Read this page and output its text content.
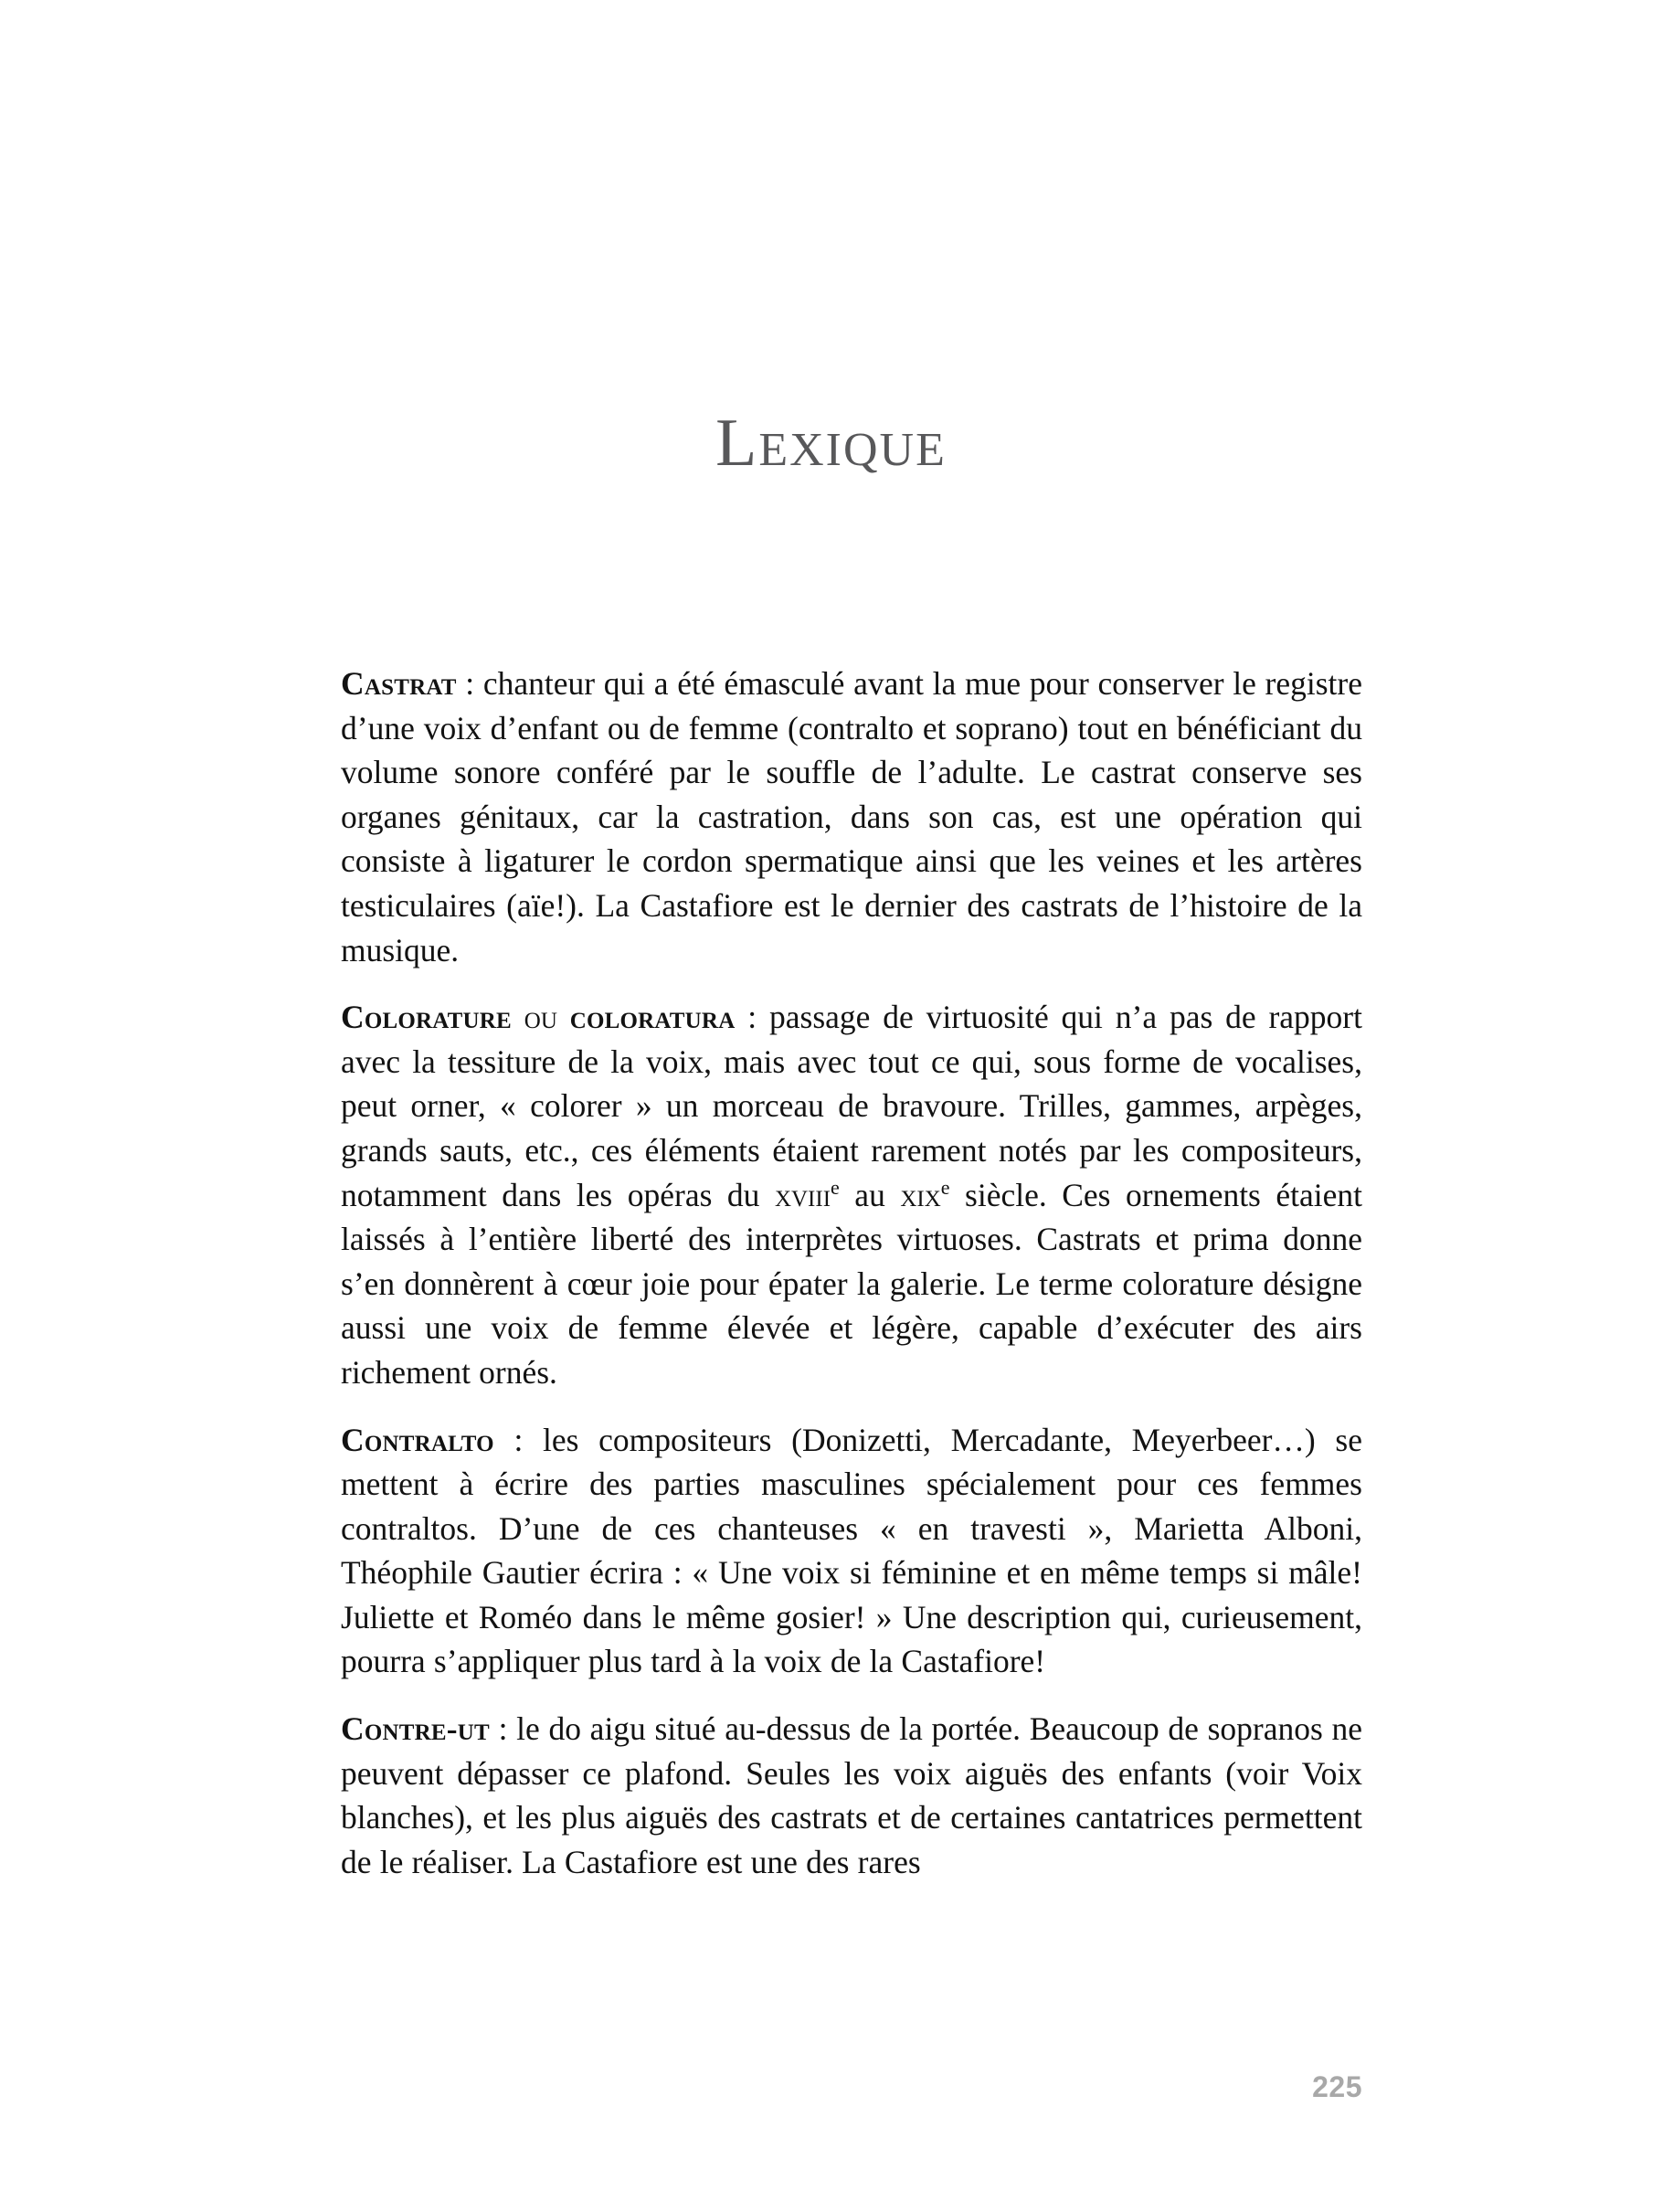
Lexique

Castrat : chanteur qui a été émasculé avant la mue pour conserver le registre d’une voix d’enfant ou de femme (contralto et soprano) tout en bénéficiant du volume sonore conféré par le souffle de l’adulte. Le castrat conserve ses organes génitaux, car la castration, dans son cas, est une opération qui consiste à ligaturer le cordon spermatique ainsi que les veines et les artères testiculaires (aïe!). La Castafiore est le dernier des castrats de l’histoire de la musique.

Colorature ou coloratura : passage de virtuosité qui n’a pas de rapport avec la tessiture de la voix, mais avec tout ce qui, sous forme de vocalises, peut orner, « colorer » un morceau de bravoure. Trilles, gammes, arpèges, grands sauts, etc., ces éléments étaient rarement notés par les compositeurs, notamment dans les opéras du xviii$^e$ au xix$^e$ siècle. Ces ornements étaient laissés à l’entière liberté des interprètes virtuoses. Castrats et prima donne s’en donnèrent à cœur joie pour épater la galerie. Le terme colorature désigne aussi une voix de femme élevée et légère, capable d’exécuter des airs richement ornés.

Contralto : les compositeurs (Donizetti, Mercadante, Meyerbeer…) se mettent à écrire des parties masculines spécialement pour ces femmes contraltos. D’une de ces chanteuses « en travesti », Marietta Alboni, Théophile Gautier écrira : « Une voix si féminine et en même temps si mâle! Juliette et Roméo dans le même gosier! » Une description qui, curieusement, pourra s’appliquer plus tard à la voix de la Castafiore!

Contre-ut : le do aigu situé au-dessus de la portée. Beaucoup de sopranos ne peuvent dépasser ce plafond. Seules les voix aiguës des enfants (voir Voix blanches), et les plus aiguës des castrats et de certaines cantatrices permettent de le réaliser. La Castafiore est une des rares

225
